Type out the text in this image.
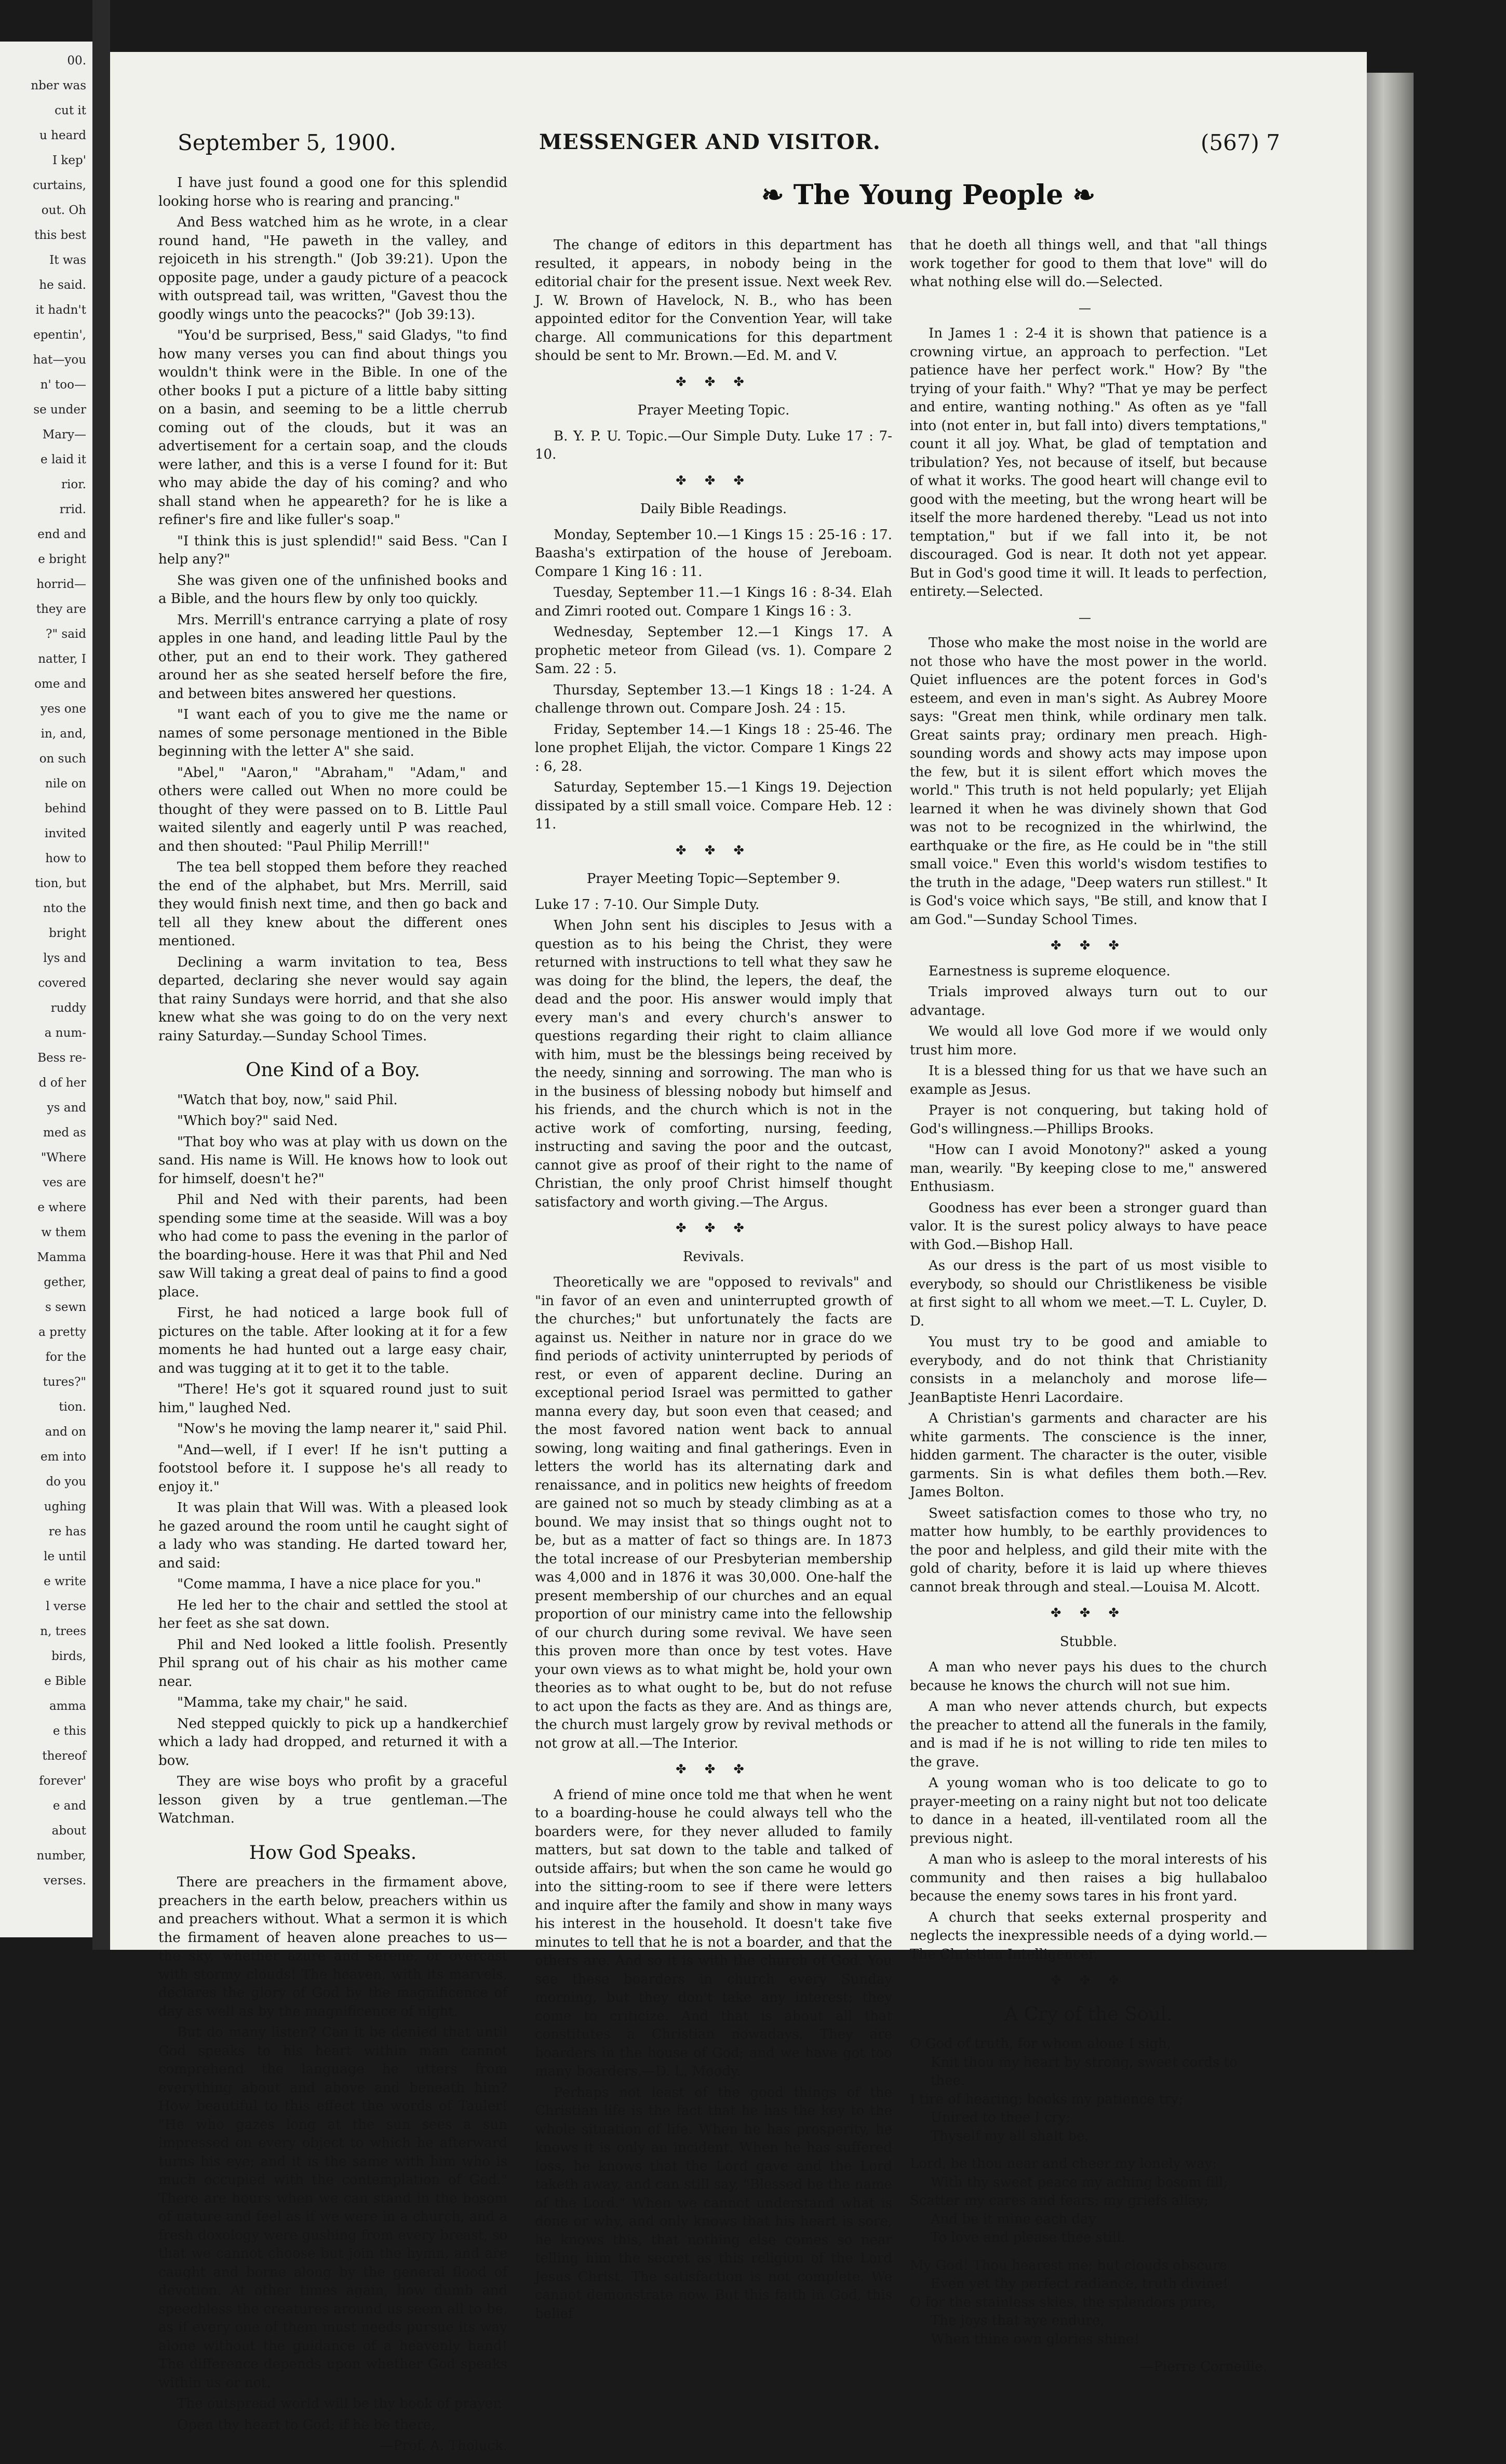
00.
nber was
cut it
u heard
I kep'
curtains,
out. Oh
this best
It was
he said.
it hadn't
epentin',
hat—you
n' too—
se under
Mary—
e laid it
rior.
rrid.
end and
e bright
horrid—
they are
?" said
natter, I
ome and
yes one
in, and,
on such
nile on
behind
invited
how to
tion, but
nto the
bright
lys and
covered
ruddy
a num-
Bess re-
d of her
ys and
med as
"Where
ves are
e where
w them
Mamma
gether,
s sewn
a pretty
for the
tures?"
tion.
and on
em into
do you
ughing
re has
le until
e write
l verse
n, trees
birds,
e Bible
amma
e this
thereof
forever'
e and
about
number,
verses.
September 5, 1900.	MESSENGER AND VISITOR.	(567) 7
❧ The Young People ❧

I have just found a good one for this splendid looking horse who is rearing and prancing."

And Bess watched him as he wrote, in a clear round hand, "He paweth in the valley, and rejoiceth in his strength." (Job 39:21). Upon the opposite page, under a gaudy picture of a peacock with outspread tail, was written, "Gavest thou the goodly wings unto the peacocks?" (Job 39:13).

"You'd be surprised, Bess," said Gladys, "to find how many verses you can find about things you wouldn't think were in the Bible. In one of the other books I put a picture of a little baby sitting on a basin, and seeming to be a little cherrub coming out of the clouds, but it was an advertisement for a certain soap, and the clouds were lather, and this is a verse I found for it: But who may abide the day of his coming? and who shall stand when he appeareth? for he is like a refiner's fire and like fuller's soap."

"I think this is just splendid!" said Bess. "Can I help any?"

She was given one of the unfinished books and a Bible, and the hours flew by only too quickly.

Mrs. Merrill's entrance carrying a plate of rosy apples in one hand, and leading little Paul by the other, put an end to their work. They gathered around her as she seated herself before the fire, and between bites answered her questions.

"I want each of you to give me the name or names of some personage mentioned in the Bible beginning with the letter A" she said.

"Abel," "Aaron," "Abraham," "Adam," and others were called out When no more could be thought of they were passed on to B. Little Paul waited silently and eagerly until P was reached, and then shouted: "Paul Philip Merrill!"

The tea bell stopped them before they reached the end of the alphabet, but Mrs. Merrill, said they would finish next time, and then go back and tell all they knew about the different ones mentioned.

Declining a warm invitation to tea, Bess departed, declaring she never would say again that rainy Sundays were horrid, and that she also knew what she was going to do on the very next rainy Saturday.—Sunday School Times.

One Kind of a Boy.

"Watch that boy, now," said Phil.

"Which boy?" said Ned.

"That boy who was at play with us down on the sand. His name is Will. He knows how to look out for himself, doesn't he?"

Phil and Ned with their parents, had been spending some time at the seaside. Will was a boy who had come to pass the evening in the parlor of the boarding-house. Here it was that Phil and Ned saw Will taking a great deal of pains to find a good place.

First, he had noticed a large book full of pictures on the table. After looking at it for a few moments he had hunted out a large easy chair, and was tugging at it to get it to the table.

"There! He's got it squared round just to suit him," laughed Ned.

"Now's he moving the lamp nearer it," said Phil.

"And—well, if I ever! If he isn't putting a footstool before it. I suppose he's all ready to enjoy it."

It was plain that Will was. With a pleased look he gazed around the room until he caught sight of a lady who was standing. He darted toward her, and said:

"Come mamma, I have a nice place for you."

He led her to the chair and settled the stool at her feet as she sat down.

Phil and Ned looked a little foolish. Presently Phil sprang out of his chair as his mother came near.

"Mamma, take my chair," he said.

Ned stepped quickly to pick up a handkerchief which a lady had dropped, and returned it with a bow.

They are wise boys who profit by a graceful lesson given by a true gentleman.—The Watchman.

How God Speaks.

There are preachers in the firmament above, preachers in the earth below, preachers within us and preachers without. What a sermon it is which the firmament of heaven alone preaches to us—the sky, whether azure and serene, or overcast with stormy clouds! The heaven, with its marvels, declares the glory of God by the magnificence of day as well as by the magnificence of night.

But do many listen? Can it be denied that until God speaks to his heart within man cannot comprehend the language he utters from everything about and above and beneath him? How beautiful to this effect the words of Tauler! "He who gazes long at the sun sees a sun impressed on every object to which he afterward turns his eye; and it is the same with him who is much occupied with the contemplation of God." There are hours when we can stand in the bosom of nature and feel as if we were in a church, and a fresh doxology were gushing from every breast, so that we cannot choose but join the hymn, and are caught and borne along by the general flood of devotion. At other times again, how dumb and speechless the creatures around us seem all to be, as if every one of them must needs pursue its way alone without the guidance of a heavenly hand! The difference depends upon whether God speaks within us or not.

The outspread world will be thy book of prayer.

Open thy heart to God; if he be there,

—Prof. A. Tholuck.

The change of editors in this department has resulted, it appears, in nobody being in the editorial chair for the present issue. Next week Rev. J. W. Brown of Havelock, N. B., who has been appointed editor for the Convention Year, will take charge. All communications for this department should be sent to Mr. Brown.—Ed. M. and V.

✤ ✤ ✤
Prayer Meeting Topic.

B. Y. P. U. Topic.—Our Simple Duty. Luke 17 : 7-10.

✤ ✤ ✤
Daily Bible Readings.

Monday, September 10.—1 Kings 15 : 25-16 : 17. Baasha's extirpation of the house of Jereboam. Compare 1 King 16 : 11.

Tuesday, September 11.—1 Kings 16 : 8-34. Elah and Zimri rooted out. Compare 1 Kings 16 : 3.

Wednesday, September 12.—1 Kings 17. A prophetic meteor from Gilead (vs. 1). Compare 2 Sam. 22 : 5.

Thursday, September 13.—1 Kings 18 : 1-24. A challenge thrown out. Compare Josh. 24 : 15.

Friday, September 14.—1 Kings 18 : 25-46. The lone prophet Elijah, the victor. Compare 1 Kings 22 : 6, 28.

Saturday, September 15.—1 Kings 19. Dejection dissipated by a still small voice. Compare Heb. 12 : 11.

✤ ✤ ✤
Prayer Meeting Topic—September 9.

Luke 17 : 7-10. Our Simple Duty.

When John sent his disciples to Jesus with a question as to his being the Christ, they were returned with instructions to tell what they saw he was doing for the blind, the lepers, the deaf, the dead and the poor. His answer would imply that every man's and every church's answer to questions regarding their right to claim alliance with him, must be the blessings being received by the needy, sinning and sorrowing. The man who is in the business of blessing nobody but himself and his friends, and the church which is not in the active work of comforting, nursing, feeding, instructing and saving the poor and the outcast, cannot give as proof of their right to the name of Christian, the only proof Christ himself thought satisfactory and worth giving.—The Argus.

✤ ✤ ✤
Revivals.

Theoretically we are "opposed to revivals" and "in favor of an even and uninterrupted growth of the churches;" but unfortunately the facts are against us. Neither in nature nor in grace do we find periods of activity uninterrupted by periods of rest, or even of apparent decline. During an exceptional period Israel was permitted to gather manna every day, but soon even that ceased; and the most favored nation went back to annual sowing, long waiting and final gatherings. Even in letters the world has its alternating dark and renaissance, and in politics new heights of freedom are gained not so much by steady climbing as at a bound. We may insist that so things ought not to be, but as a matter of fact so things are. In 1873 the total increase of our Presbyterian membership was 4,000 and in 1876 it was 30,000. One-half the present membership of our churches and an equal proportion of our ministry came into the fellowship of our church during some revival. We have seen this proven more than once by test votes. Have your own views as to what might be, hold your own theories as to what ought to be, but do not refuse to act upon the facts as they are. And as things are, the church must largely grow by revival methods or not grow at all.—The Interior.

✤ ✤ ✤

A friend of mine once told me that when he went to a boarding-house he could always tell who the boarders were, for they never alluded to family matters, but sat down to the table and talked of outside affairs; but when the son came he would go into the sitting-room to see if there were letters and inquire after the family and show in many ways his interest in the household. It doesn't take five minutes to tell that he is not a boarder, and that the others are. And so it is with the church of God. You see these boarders in church every Sunday morning, but they don't take any interest; they come to criticize. And that is about all that constitutes a Christian nowadays. They are boarders in the house of God; and we have got too many boarders.—D. L. Moody.

Perhaps not least of the good things of the Christian life is the fact that he has the key to the whole situation of life. When he has prosperity, he knows it is only an incident. When he has suffered loss, he knows that the Lord gave and the Lord taketh away, and can still say, "Blessed be the name of the Lord." When we cannot understand what is done or why, and only knows that his heart is sore, he knows this, that nothing else comes so near telling him the secret as this religion of the Lord Jesus Christ. The satisfaction is not complete. We cannot demonstrate now. But this faith in God, this belief

that he doeth all things well, and that "all things work together for good to them that love" will do what nothing else will do.—Selected.

—

In James 1 : 2-4 it is shown that patience is a crowning virtue, an approach to perfection. "Let patience have her perfect work." How? By "the trying of your faith." Why? "That ye may be perfect and entire, wanting nothing." As often as ye "fall into (not enter in, but fall into) divers temptations," count it all joy. What, be glad of temptation and tribulation? Yes, not because of itself, but because of what it works. The good heart will change evil to good with the meeting, but the wrong heart will be itself the more hardened thereby. "Lead us not into temptation," but if we fall into it, be not discouraged. God is near. It doth not yet appear. But in God's good time it will. It leads to perfection, entirety.—Selected.

—

Those who make the most noise in the world are not those who have the most power in the world. Quiet influences are the potent forces in God's esteem, and even in man's sight. As Aubrey Moore says: "Great men think, while ordinary men talk. Great saints pray; ordinary men preach. High-sounding words and showy acts may impose upon the few, but it is silent effort which moves the world." This truth is not held popularly; yet Elijah learned it when he was divinely shown that God was not to be recognized in the whirlwind, the earthquake or the fire, as He could be in "the still small voice." Even this world's wisdom testifies to the truth in the adage, "Deep waters run stillest." It is God's voice which says, "Be still, and know that I am God."—Sunday School Times.

✤ ✤ ✤

Earnestness is supreme eloquence.

Trials improved always turn out to our advantage.

We would all love God more if we would only trust him more.

It is a blessed thing for us that we have such an example as Jesus.

Prayer is not conquering, but taking hold of God's willingness.—Phillips Brooks.

"How can I avoid Monotony?" asked a young man, wearily. "By keeping close to me," answered Enthusiasm.

Goodness has ever been a stronger guard than valor. It is the surest policy always to have peace with God.—Bishop Hall.

As our dress is the part of us most visible to everybody, so should our Christlikeness be visible at first sight to all whom we meet.—T. L. Cuyler, D. D.

You must try to be good and amiable to everybody, and do not think that Christianity consists in a melancholy and morose life—JeanBaptiste Henri Lacordaire.

A Christian's garments and character are his white garments. The conscience is the inner, hidden garment. The character is the outer, visible garments. Sin is what defiles them both.—Rev. James Bolton.

Sweet satisfaction comes to those who try, no matter how humbly, to be earthly providences to the poor and helpless, and gild their mite with the gold of charity, before it is laid up where thieves cannot break through and steal.—Louisa M. Alcott.

✤ ✤ ✤
Stubble.

A man who never pays his dues to the church because he knows the church will not sue him.

A man who never attends church, but expects the preacher to attend all the funerals in the family, and is mad if he is not willing to ride ten miles to the grave.

A young woman who is too delicate to go to prayer-meeting on a rainy night but not too delicate to dance in a heated, ill-ventilated room all the previous night.

A man who is asleep to the moral interests of his community and then raises a big hullabaloo because the enemy sows tares in his front yard.

A church that seeks external prosperity and neglects the inexpressible needs of a dying world.—The Christian Intelligencer.

✤ ✤ ✤
A Cry of the Soul.

O God of truth, for whom alone I sigh,

Knit thou my heart by strong, sweet cords to thee.

I tire of hearing; books my patience try;

Unired to thee I cry;

Thyself my all shalt be.

Lord, be thou near and cheer my lonely way;

With thy sweet peace my aching bosom fill;

Scatter my cares and fears; my griefs allay;

And be it mine each day

To love and please thee still.

My God! Thou hearest me; but clouds obscure

Even yet thy perfect radiance, truth divine!

O for the stainless skies, the splendors pure,

The joys that aye endure,

When thine own glories shine!

—Pierre Corneille.
